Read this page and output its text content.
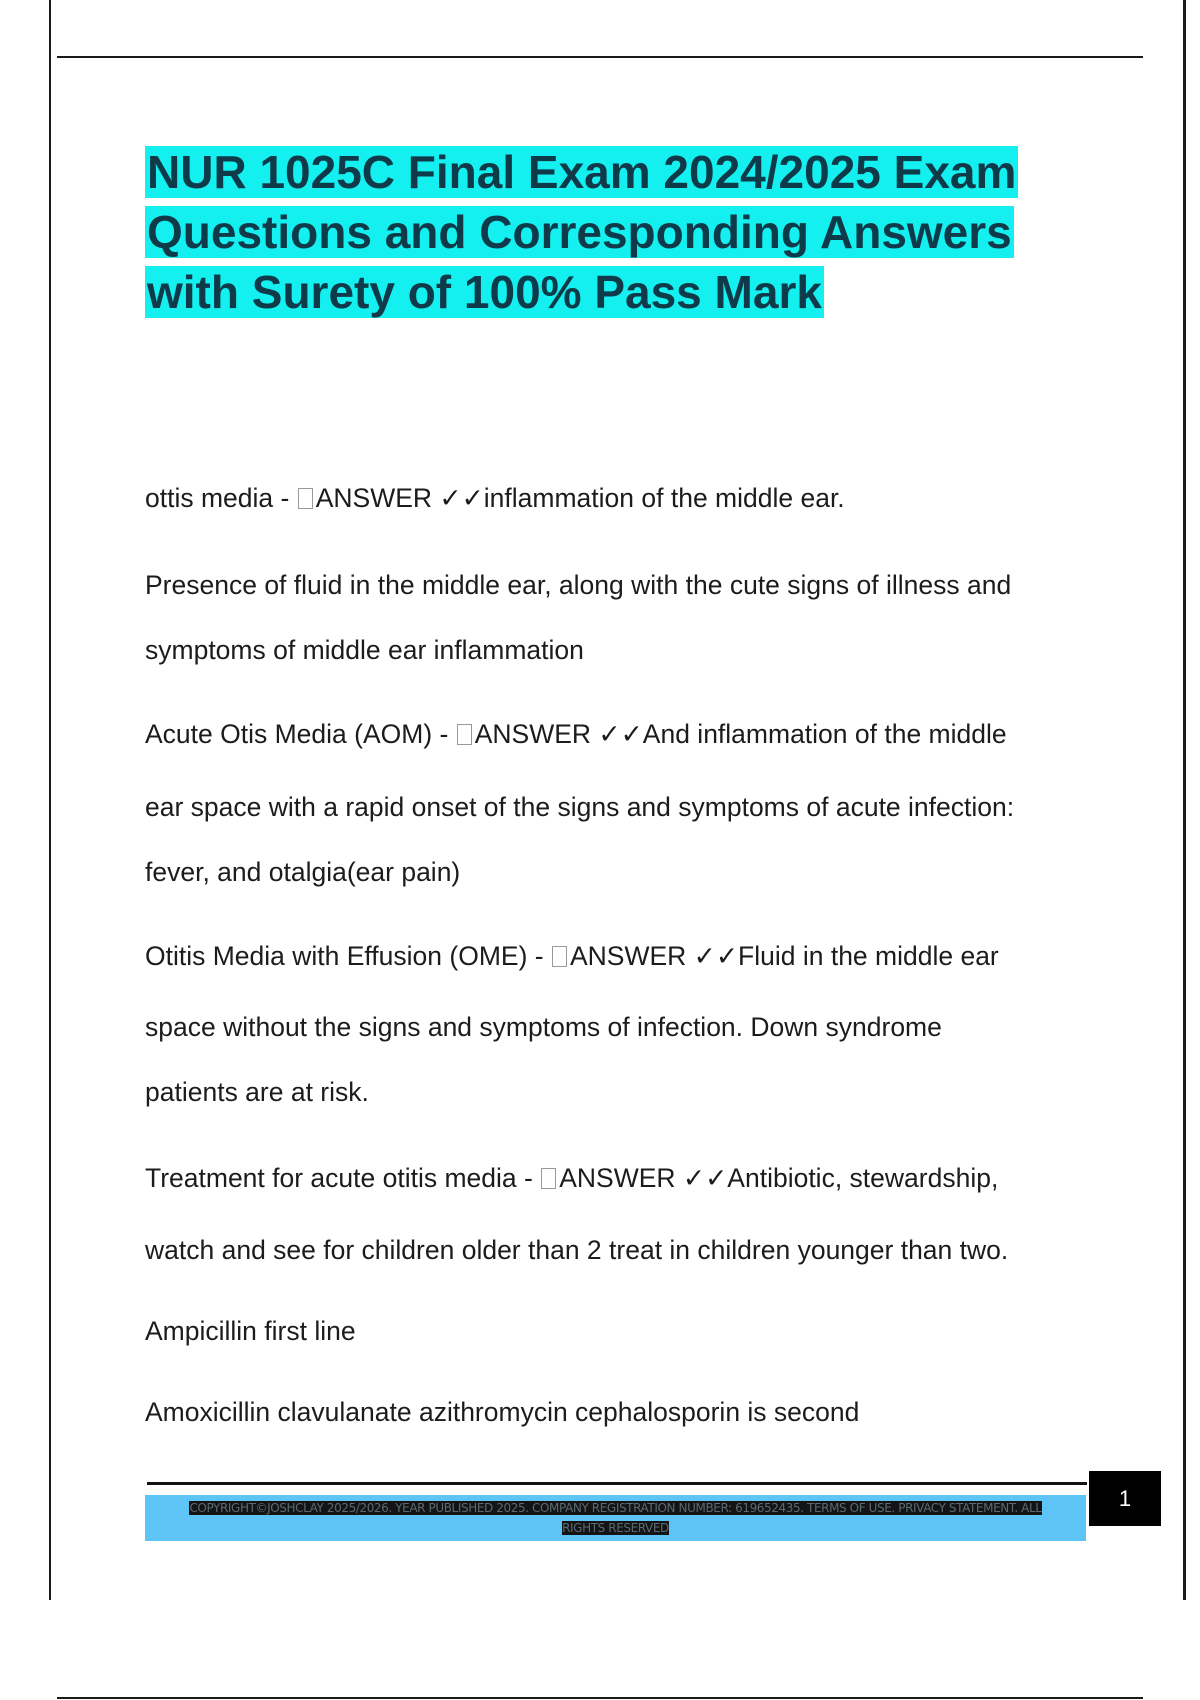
NUR 1025C Final Exam 2024/2025 Exam Questions and Corresponding Answers with Surety of 100% Pass Mark

ottis media - ANSWER ✓✓inflammation of the middle ear.

Presence of fluid in the middle ear, along with the cute signs of illness and

symptoms of middle ear inflammation

Acute Otis Media (AOM) - ANSWER ✓✓And inflammation of the middle

ear space with a rapid onset of the signs and symptoms of acute infection:

fever, and otalgia(ear pain)

Otitis Media with Effusion (OME) - ANSWER ✓✓Fluid in the middle ear

space without the signs and symptoms of infection. Down syndrome

patients are at risk.

Treatment for acute otitis media - ANSWER ✓✓Antibiotic, stewardship,

watch and see for children older than 2 treat in children younger than two.

Ampicillin first line

Amoxicillin clavulanate azithromycin cephalosporin is second

COPYRIGHT©JOSHCLAY 2025/2026. YEAR PUBLISHED 2025. COMPANY REGISTRATION NUMBER: 619652435. TERMS OF USE. PRIVACY STATEMENT. ALL RIGHTS RESERVED
1
